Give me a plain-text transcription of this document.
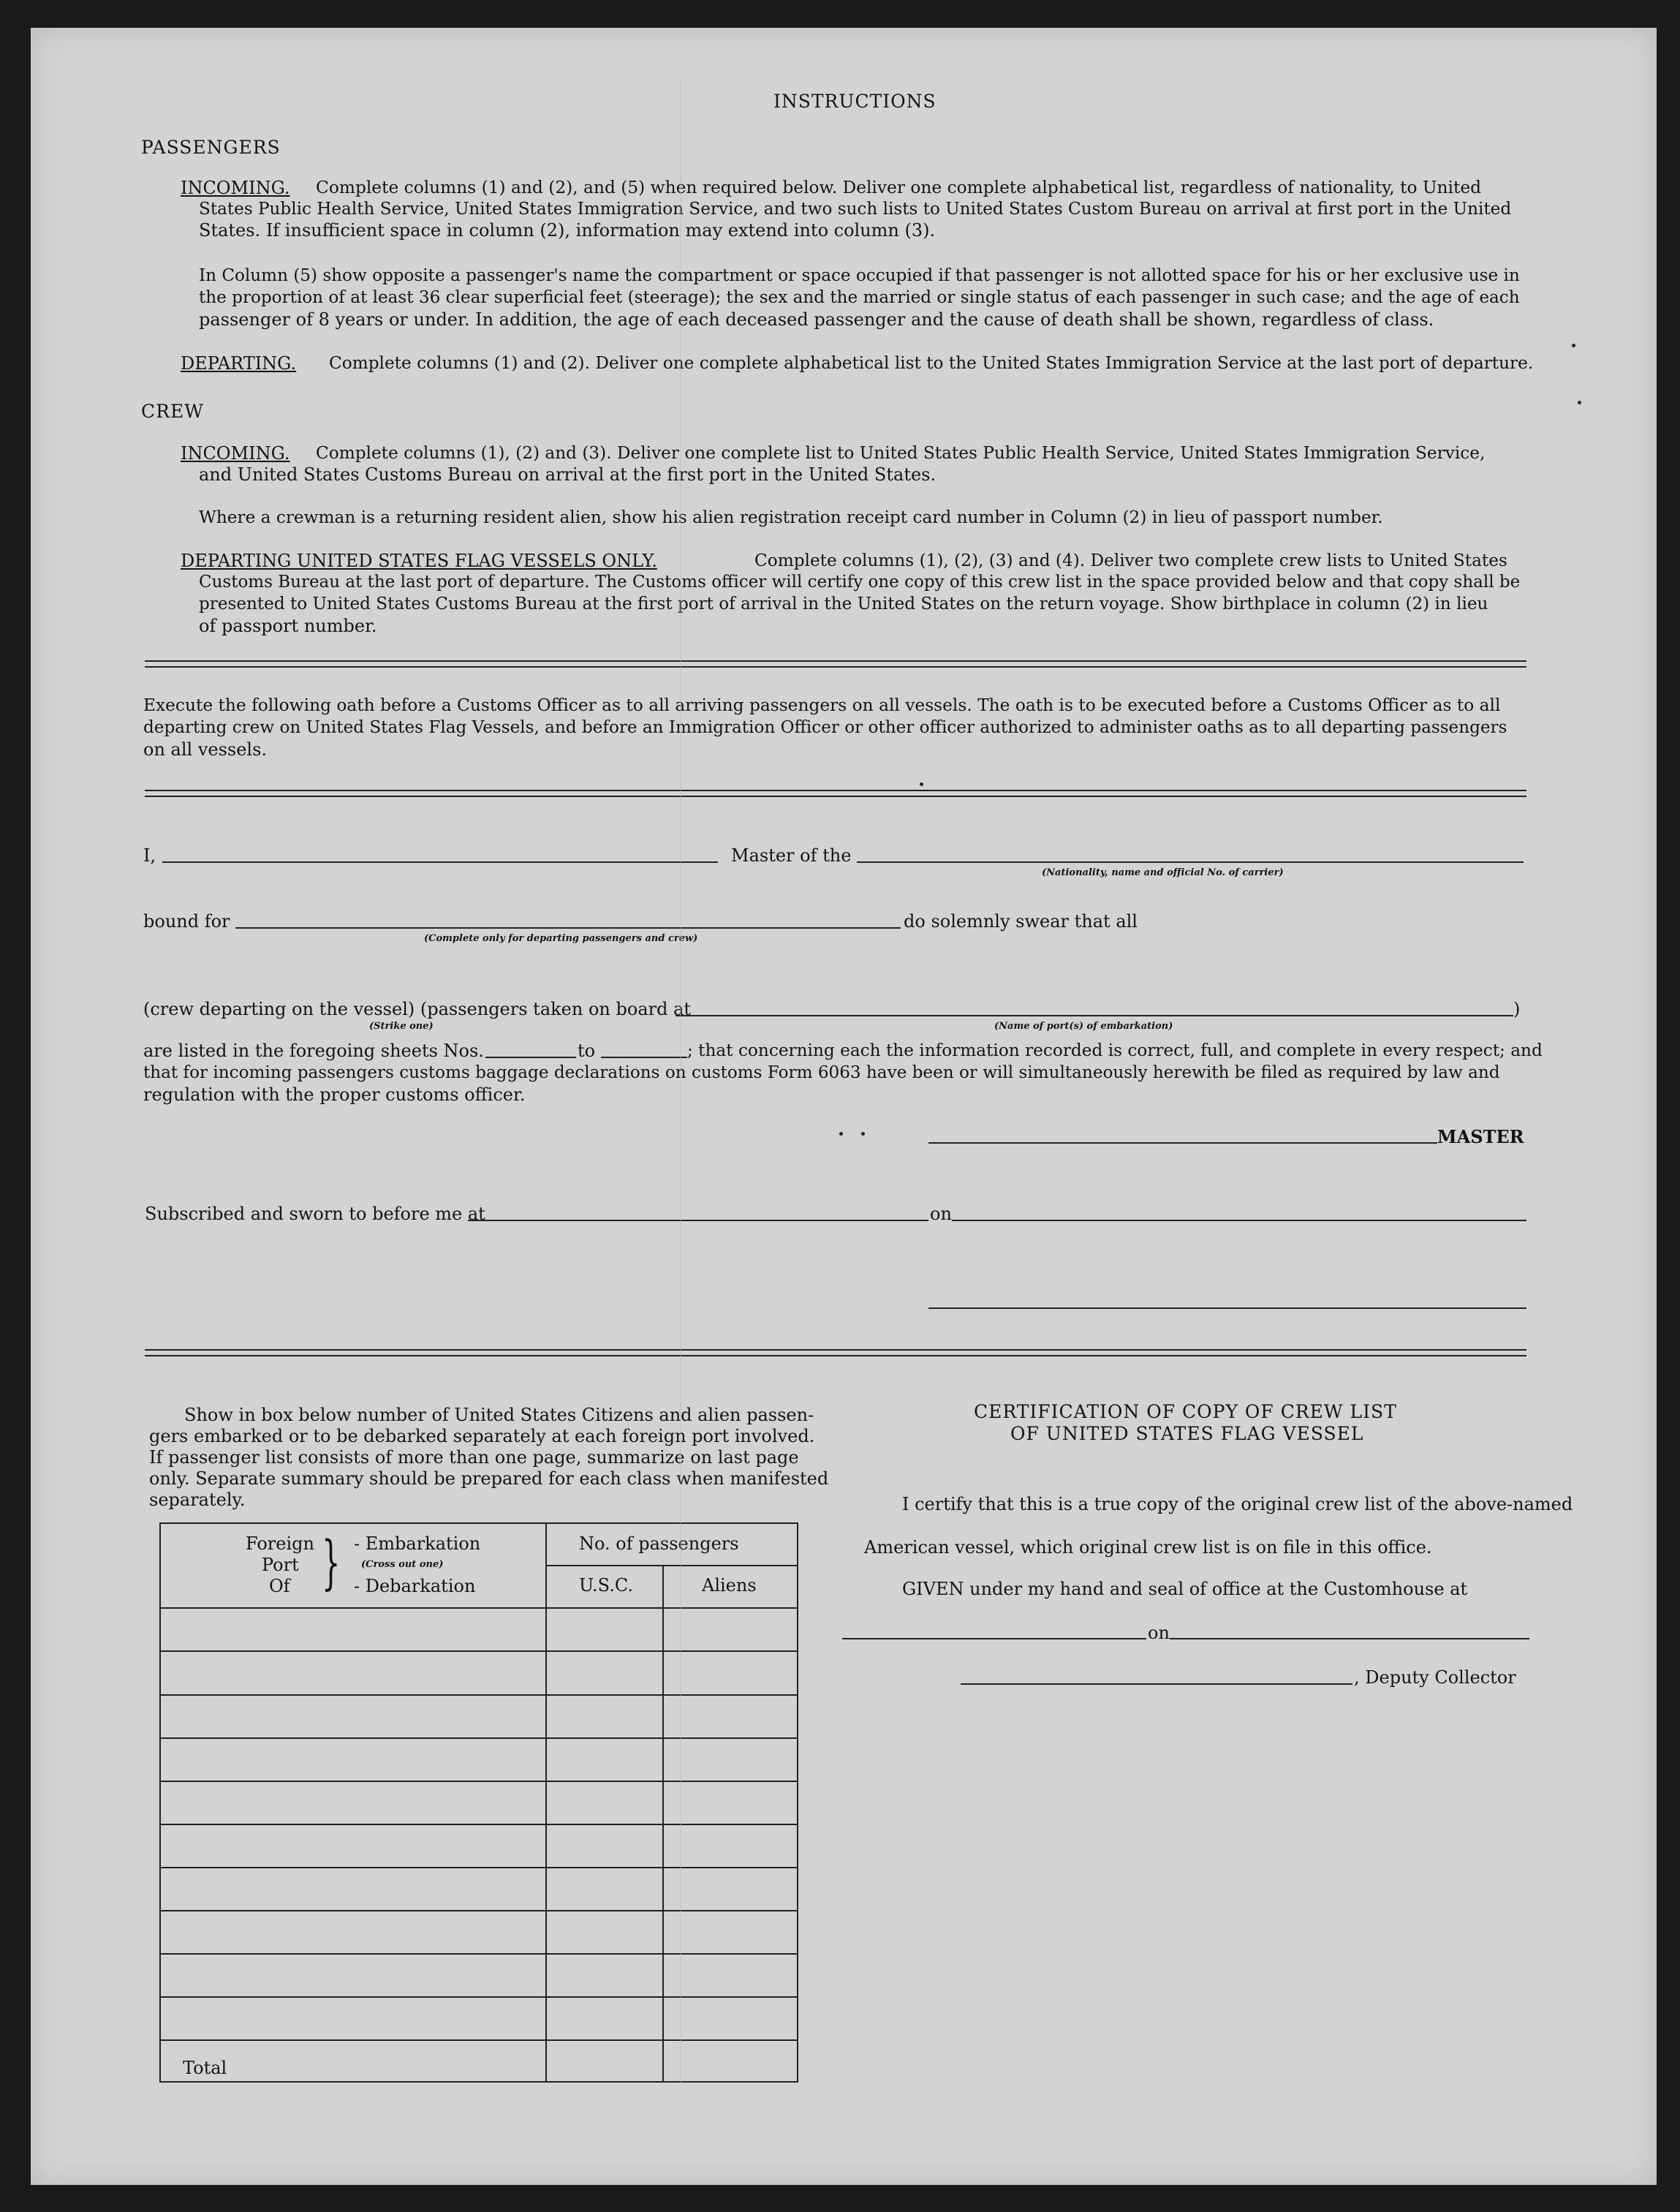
INSTRUCTIONS
PASSENGERS
INCOMING. Complete columns (1) and (2), and (5) when required below. Deliver one complete alphabetical list, regardless of nationality, to United
States Public Health Service, United States Immigration Service, and two such lists to United States Custom Bureau on arrival at first port in the United
States. If insufficient space in column (2), information may extend into column (3).
In Column (5) show opposite a passenger's name the compartment or space occupied if that passenger is not allotted space for his or her exclusive use in
the proportion of at least 36 clear superficial feet (steerage); the sex and the married or single status of each passenger in such case; and the age of each
passenger of 8 years or under. In addition, the age of each deceased passenger and the cause of death shall be shown, regardless of class.
DEPARTING. Complete columns (1) and (2). Deliver one complete alphabetical list to the United States Immigration Service at the last port of departure.
CREW
INCOMING. Complete columns (1), (2) and (3). Deliver one complete list to United States Public Health Service, United States Immigration Service,
and United States Customs Bureau on arrival at the first port in the United States.
Where a crewman is a returning resident alien, show his alien registration receipt card number in Column (2) in lieu of passport number.
DEPARTING UNITED STATES FLAG VESSELS ONLY.	Complete columns (1), (2), (3) and (4). Deliver two complete crew lists to United States
Customs Bureau at the last port of departure. The Customs officer will certify one copy of this crew list in the space provided below and that copy shall be
presented to United States Customs Bureau at the first port of arrival in the United States on the return voyage. Show birthplace in column (2) in lieu
of passport number.
Execute the following oath before a Customs Officer as to all arriving passengers on all vessels. The oath is to be executed before a Customs Officer as to all
departing crew on United States Flag Vessels, and before an Immigration Officer or other officer authorized to administer oaths as to all departing passengers
on all vessels.
I,	Master of the
(Nationality, name and official No. of carrier)
bound for
(Complete only for departing passengers and crew)
do solemnly swear that all
(crew departing on the vessel) (passengers taken on board at
(Strike one)	(Name of port(s) of embarkation)
)
are listed in the foregoing sheets Nos.	to	; that concerning each the information recorded is correct, full, and complete in every respect; and
that for incoming passengers customs baggage declarations on customs Form 6063 have been or will simultaneously herewith be filed as required by law and
regulation with the proper customs officer.
MASTER
Subscribed and sworn to before me at	on
Show in box below number of United States Citizens and alien passen-
gers embarked or to be debarked separately at each foreign port involved.
If passenger list consists of more than one page, summarize on last page
only. Separate summary should be prepared for each class when manifested
separately.
Foreign
Port
Of } - Embarkation
(Cross out one)
- Debarkation
No. of passengers
U.S.C.	Aliens
Total
CERTIFICATION OF COPY OF CREW LIST
OF UNITED STATES FLAG VESSEL
I certify that this is a true copy of the original crew list of the above-named
American vessel, which original crew list is on file in this office.
GIVEN under my hand and seal of office at the Customhouse at
on
, Deputy Collector
